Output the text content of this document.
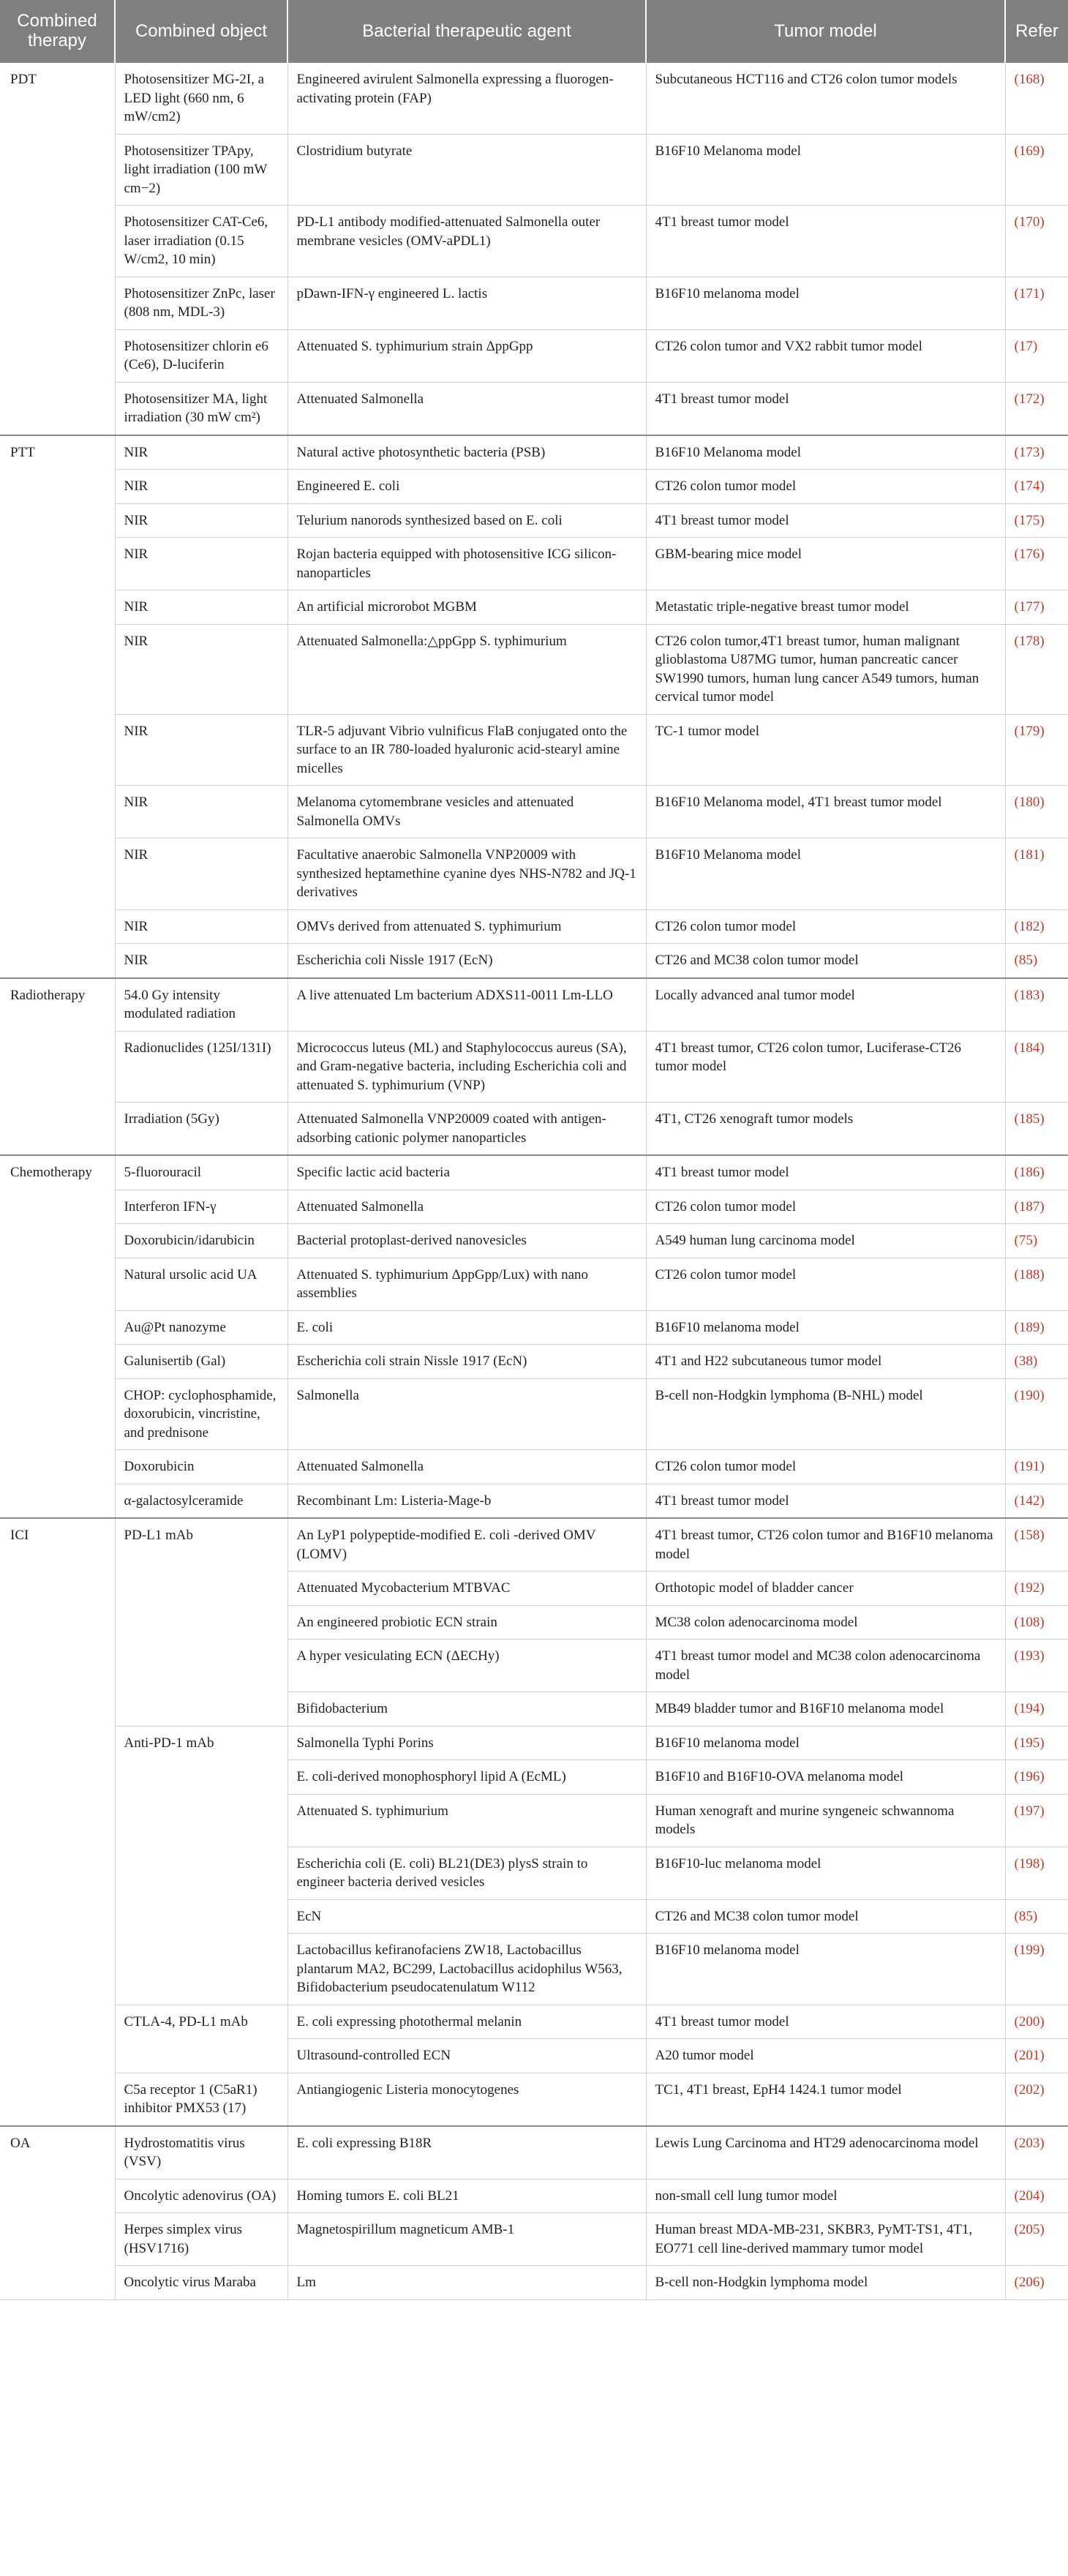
Combined therapy	Combined object	Bacterial therapeutic agent	Tumor model	Refer
PDT	Photosensitizer MG-2I, a LED light (660 nm, 6 mW/cm2)	Engineered avirulent Salmonella expressing a fluorogen-activating protein (FAP)	Subcutaneous HCT116 and CT26 colon tumor models	(168)
	Photosensitizer TPApy, light irradiation (100 mW cm−2)	Clostridium butyrate	B16F10 Melanoma model	(169)
	Photosensitizer CAT-Ce6, laser irradiation (0.15 W/cm2, 10 min)	PD-L1 antibody modified-attenuated Salmonella outer membrane vesicles (OMV-aPDL1)	4T1 breast tumor model	(170)
	Photosensitizer ZnPc, laser (808 nm, MDL-3)	pDawn-IFN-γ engineered L. lactis	B16F10 melanoma model	(171)
	Photosensitizer chlorin e6 (Ce6), D-luciferin	Attenuated S. typhimurium strain ΔppGpp	CT26 colon tumor and VX2 rabbit tumor model	(17)
	Photosensitizer MA, light irradiation (30 mW cm²)	Attenuated Salmonella	4T1 breast tumor model	(172)
PTT	NIR	Natural active photosynthetic bacteria (PSB)	B16F10 Melanoma model	(173)
	NIR	Engineered E. coli	CT26 colon tumor model	(174)
	NIR	Telurium nanorods synthesized based on E. coli	4T1 breast tumor model	(175)
	NIR	Rojan bacteria equipped with photosensitive ICG silicon-nanoparticles	GBM-bearing mice model	(176)
	NIR	An artificial microrobot MGBM	Metastatic triple-negative breast tumor model	(177)
	NIR	Attenuated Salmonella:△ppGpp S. typhimurium	CT26 colon tumor,4T1 breast tumor, human malignant glioblastoma U87MG tumor, human pancreatic cancer SW1990 tumors, human lung cancer A549 tumors, human cervical tumor model	(178)
	NIR	TLR-5 adjuvant Vibrio vulnificus FlaB conjugated onto the surface to an IR 780-loaded hyaluronic acid-stearyl amine micelles	TC-1 tumor model	(179)
	NIR	Melanoma cytomembrane vesicles and attenuated Salmonella OMVs	B16F10 Melanoma model, 4T1 breast tumor model	(180)
	NIR	Facultative anaerobic Salmonella VNP20009 with synthesized heptamethine cyanine dyes NHS-N782 and JQ-1 derivatives	B16F10 Melanoma model	(181)
	NIR	OMVs derived from attenuated S. typhimurium	CT26 colon tumor model	(182)
	NIR	Escherichia coli Nissle 1917 (EcN)	CT26 and MC38 colon tumor model	(85)
Radiotherapy	54.0 Gy intensity modulated radiation	A live attenuated Lm bacterium ADXS11-0011 Lm-LLO	Locally advanced anal tumor model	(183)
	Radionuclides (125I/131I)	Micrococcus luteus (ML) and Staphylococcus aureus (SA), and Gram-negative bacteria, including Escherichia coli and attenuated S. typhimurium (VNP)	4T1 breast tumor, CT26 colon tumor, Luciferase-CT26 tumor model	(184)
	Irradiation (5Gy)	Attenuated Salmonella VNP20009 coated with antigen-adsorbing cationic polymer nanoparticles	4T1, CT26 xenograft tumor models	(185)
Chemotherapy	5-fluorouracil	Specific lactic acid bacteria	4T1 breast tumor model	(186)
	Interferon IFN-γ	Attenuated Salmonella	CT26 colon tumor model	(187)
	Doxorubicin/idarubicin	Bacterial protoplast-derived nanovesicles	A549 human lung carcinoma model	(75)
	Natural ursolic acid UA	Attenuated S. typhimurium ΔppGpp/Lux) with nano assemblies	CT26 colon tumor model	(188)
	Au@Pt nanozyme	E. coli	B16F10 melanoma model	(189)
	Galunisertib (Gal)	Escherichia coli strain Nissle 1917 (EcN)	4T1 and H22 subcutaneous tumor model	(38)
	CHOP: cyclophosphamide, doxorubicin, vincristine, and prednisone	Salmonella	B-cell non-Hodgkin lymphoma (B-NHL) model	(190)
	Doxorubicin	Attenuated Salmonella	CT26 colon tumor model	(191)
	α-galactosylceramide	Recombinant Lm: Listeria-Mage-b	4T1 breast tumor model	(142)
ICI	PD-L1 mAb	An LyP1 polypeptide-modified E. coli -derived OMV (LOMV)	4T1 breast tumor, CT26 colon tumor and B16F10 melanoma model	(158)
		Attenuated Mycobacterium MTBVAC	Orthotopic model of bladder cancer	(192)
		An engineered probiotic ECN strain	MC38 colon adenocarcinoma model	(108)
		A hyper vesiculating ECN (ΔECHy)	4T1 breast tumor model and MC38 colon adenocarcinoma model	(193)
		Bifidobacterium	MB49 bladder tumor and B16F10 melanoma model	(194)
	Anti-PD-1 mAb	Salmonella Typhi Porins	B16F10 melanoma model	(195)
		E. coli-derived monophosphoryl lipid A (EcML)	B16F10 and B16F10-OVA melanoma model	(196)
		Attenuated S. typhimurium	Human xenograft and murine syngeneic schwannoma models	(197)
		Escherichia coli (E. coli) BL21(DE3) plysS strain to engineer bacteria derived vesicles	B16F10-luc melanoma model	(198)
		EcN	CT26 and MC38 colon tumor model	(85)
		Lactobacillus kefiranofaciens ZW18, Lactobacillus plantarum MA2, BC299, Lactobacillus acidophilus W563, Bifidobacterium pseudocatenulatum W112	B16F10 melanoma model	(199)
	CTLA-4, PD-L1 mAb	E. coli expressing photothermal melanin	4T1 breast tumor model	(200)
		Ultrasound-controlled ECN	A20 tumor model	(201)
	C5a receptor 1 (C5aR1) inhibitor PMX53 (17)	Antiangiogenic Listeria monocytogenes	TC1, 4T1 breast, EpH4 1424.1 tumor model	(202)
OA	Hydrostomatitis virus (VSV)	E. coli expressing B18R	Lewis Lung Carcinoma and HT29 adenocarcinoma model	(203)
	Oncolytic adenovirus (OA)	Homing tumors E. coli BL21	non-small cell lung tumor model	(204)
	Herpes simplex virus (HSV1716)	Magnetospirillum magneticum AMB-1	Human breast MDA-MB-231, SKBR3, PyMT-TS1, 4T1, EO771 cell line-derived mammary tumor model	(205)
	Oncolytic virus Maraba	Lm	B-cell non-Hodgkin lymphoma model	(206)
